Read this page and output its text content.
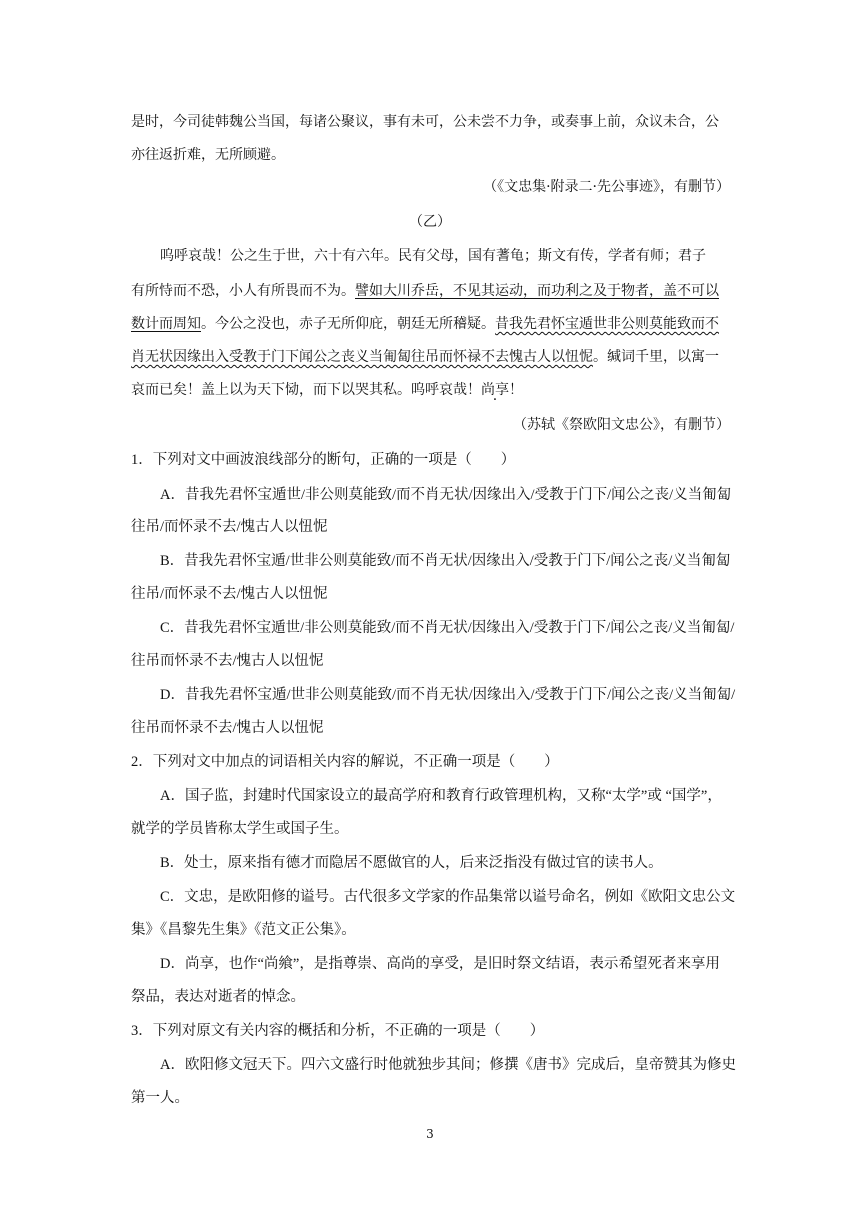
是时，今司徒韩魏公当国，每诸公聚议，事有未可，公未尝不力争，或奏事上前，众议未合，公
亦往返折难，无所顾避。
（《文忠集·附录二·先公事迹》，有删节）
（乙）
呜呼哀哉！公之生于世，六十有六年。民有父母，国有蓍龟；斯文有传，学者有师；君子
有所恃而不恐，小人有所畏而不为。譬如大川乔岳，不见其运动，而功利之及于物者，盖不可以
数计而周知。今公之没也，赤子无所仰庇，朝廷无所稽疑。昔我先君怀宝遁世非公则莫能致而不
肖无状因缘出入受教于门下闻公之丧义当匍匐往吊而怀禄不去愧古人以忸怩。缄词千里，以寓一
哀而已矣！盖上以为天下恸，而下以哭其私。呜呼哀哉！尚享！
（苏轼《祭欧阳文忠公》，有删节）
1．下列对文中画波浪线部分的断句，正确的一项是（　　）
A．昔我先君怀宝遁世/非公则莫能致/而不肖无状/因缘出入/受教于门下/闻公之丧/义当匍匐
往吊/而怀录不去/愧古人以忸怩
B．昔我先君怀宝遁/世非公则莫能致/而不肖无状/因缘出入/受教于门下/闻公之丧/义当匍匐
往吊/而怀录不去/愧古人以忸怩
C．昔我先君怀宝遁世/非公则莫能致/而不肖无状/因缘出入/受教于门下/闻公之丧/义当匍匐/
往吊而怀录不去/愧古人以忸怩
D．昔我先君怀宝遁/世非公则莫能致/而不肖无状/因缘出入/受教于门下/闻公之丧/义当匍匐/
往吊而怀录不去/愧古人以忸怩
2．下列对文中加点的词语相关内容的解说，不正确一项是（　　）
A．国子监，封建时代国家设立的最高学府和教育行政管理机构，又称“太学”或 “国学”，
就学的学员皆称太学生或国子生。
B．处士，原来指有德才而隐居不愿做官的人，后来泛指没有做过官的读书人。
C．文忠，是欧阳修的谥号。古代很多文学家的作品集常以谥号命名，例如《欧阳文忠公文
集》《昌黎先生集》《范文正公集》。
D．尚享，也作“尚飨”，是指尊崇、高尚的享受，是旧时祭文结语，表示希望死者来享用
祭品，表达对逝者的悼念。
3．下列对原文有关内容的概括和分析，不正确的一项是（　　）
A．欧阳修文冠天下。四六文盛行时他就独步其间；修撰《唐书》完成后，皇帝赞其为修史
第一人。
3
